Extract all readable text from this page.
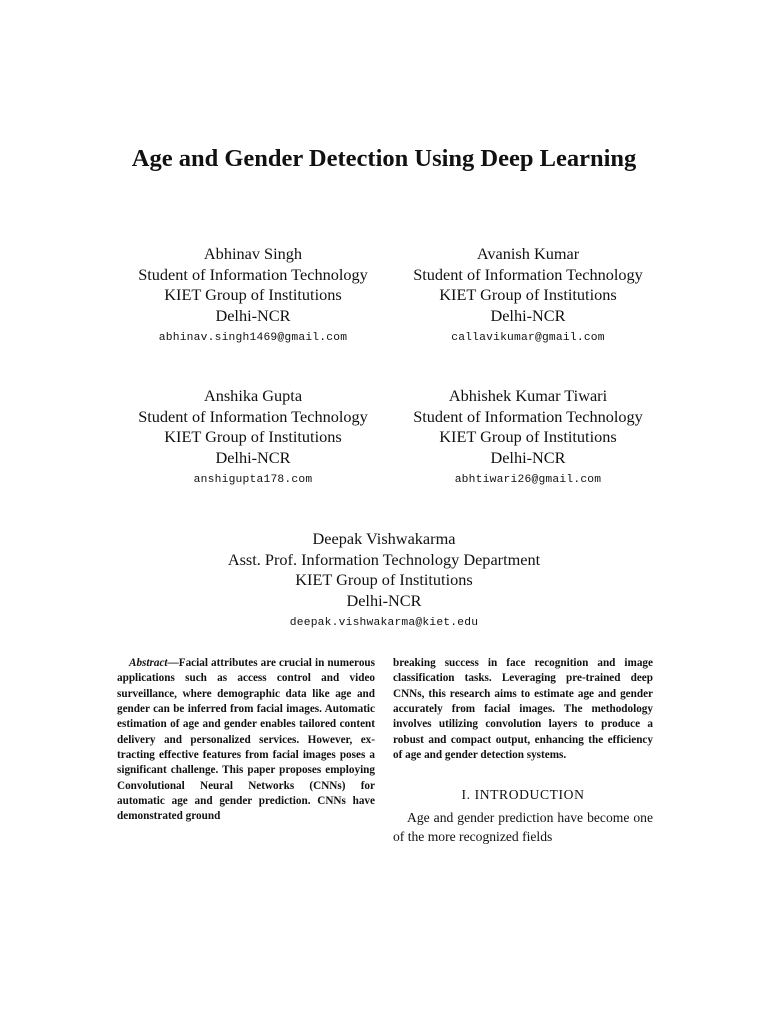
Age and Gender Detection Using Deep Learning
Abhinav Singh
Student of Information Technology
KIET Group of Institutions
Delhi-NCR
abhinav.singh1469@gmail.com
Avanish Kumar
Student of Information Technology
KIET Group of Institutions
Delhi-NCR
callavikumar@gmail.com
Anshika Gupta
Student of Information Technology
KIET Group of Institutions
Delhi-NCR
anshigupta178.com
Abhishek Kumar Tiwari
Student of Information Technology
KIET Group of Institutions
Delhi-NCR
abhtiwari26@gmail.com
Deepak Vishwakarma
Asst. Prof. Information Technology Department
KIET Group of Institutions
Delhi-NCR
deepak.vishwakarma@kiet.edu

Abstract—Facial attributes are crucial in numerous applications such as access control and video surveillance, where demographic data like age and gender can be inferred from facial images. Automatic estimation of age and gender enables tailored content delivery and personalized services. However, extracting effective features from facial images poses a significant challenge. This paper proposes employing Convolutional Neural Networks (CNNs) for automatic age and gender prediction. CNNs have demonstrated ground

breaking success in face recognition and image classification tasks. Leveraging pre-trained deep CNNs, this research aims to estimate age and gender accurately from facial images. The methodology involves utilizing convolution layers to produce a robust and compact output, enhancing the efficiency of age and gender detection systems.

I. INTRODUCTION

Age and gender prediction have become one of the more recognized fields
